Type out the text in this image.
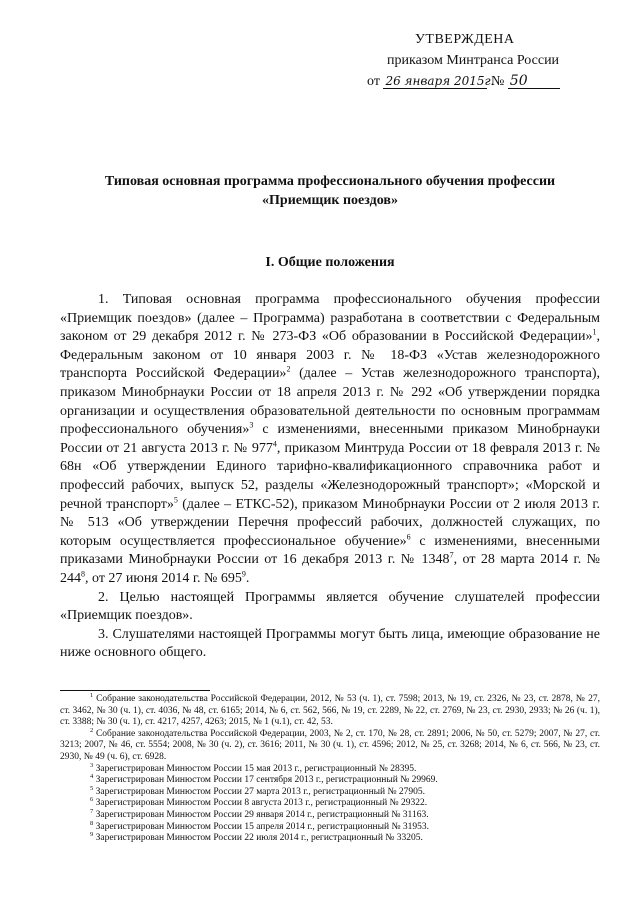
УТВЕРЖДЕНА
приказом Минтранса России
от 26 января 2015г. № 50
Типовая основная программа профессионального обучения профессии
«Приемщик поездов»
I. Общие положения

1. Типовая основная программа профессионального обучения профессии «Приемщик поездов» (далее – Программа) разработана в соответствии с Федеральным законом от 29 декабря 2012 г. № 273-ФЗ «Об образовании в Российской Федерации»$^1$, Федеральным законом от 10 января 2003 г. № 18-ФЗ «Устав железнодорожного транспорта Российской Федерации»$^2$ (далее – Устав железнодорожного транспорта), приказом Минобрнауки России от 18 апреля 2013 г. № 292 «Об утверждении порядка организации и осуществления образовательной деятельности по основным программам профессионального обучения»$^3$ с изменениями, внесенными приказом Минобрнауки России от 21 августа 2013 г. № $977^4$, приказом Минтруда России от 18 февраля 2013 г. № 68н «Об утверждении Единого тарифно-квалификационного справочника работ и профессий рабочих, выпуск 52, разделы «Железнодорожный транспорт»; «Морской и речной транспорт»$^5$ (далее – ЕТКС-52), приказом Минобрнауки России от 2 июля 2013 г. № 513 «Об утверждении Перечня профессий рабочих, должностей служащих, по которым осуществляется профессиональное обучение»$^6$ с изменениями, внесенными приказами Минобрнауки России от 16 декабря 2013 г. № 1348$^7$, от 28 марта 2014 г. № $244^8$, от 27 июня 2014 г. № $695^9$.

2. Целью настоящей Программы является обучение слушателей профессии «Приемщик поездов».

3. Слушателями настоящей Программы могут быть лица, имеющие образование не ниже основного общего.

$^1$ Собрание законодательства Российской Федерации, 2012, № 53 (ч. 1), ст. 7598; 2013, № 19, ст. 2326, № 23, ст. 2878, № 27, ст. 3462, № 30 (ч. 1), ст. 4036, № 48, ст. 6165; 2014, № 6, ст. 562, 566, № 19, ст. 2289, № 22, ст. 2769, № 23, ст. 2930, 2933; № 26 (ч. 1), ст. 3388; № 30 (ч. 1), ст. 4217, 4257, 4263; 2015, № 1 (ч.1), ст. 42, 53.

$^2$ Собрание законодательства Российской Федерации, 2003, № 2, ст. 170, № 28, ст. 2891; 2006, № 50, ст. 5279; 2007, № 27, ст. 3213; 2007, № 46, ст. 5554; 2008, № 30 (ч. 2), ст. 3616; 2011, № 30 (ч. 1), ст. 4596; 2012, № 25, ст. 3268; 2014, № 6, ст. 566, № 23, ст. 2930, № 49 (ч. 6), ст. 6928.

$^3$ Зарегистрирован Минюстом России 15 мая 2013 г., регистрационный № 28395.

$^4$ Зарегистрирован Минюстом России 17 сентября 2013 г., регистрационный № 29969.

$^5$ Зарегистрирован Минюстом России 27 марта 2013 г., регистрационный № 27905.

$^6$ Зарегистрирован Минюстом России 8 августа 2013 г., регистрационный № 29322.

$^7$ Зарегистрирован Минюстом России 29 января 2014 г., регистрационный № 31163.

$^8$ Зарегистрирован Минюстом России 15 апреля 2014 г., регистрационный № 31953.

$^9$ Зарегистрирован Минюстом России 22 июля 2014 г., регистрационный № 33205.
